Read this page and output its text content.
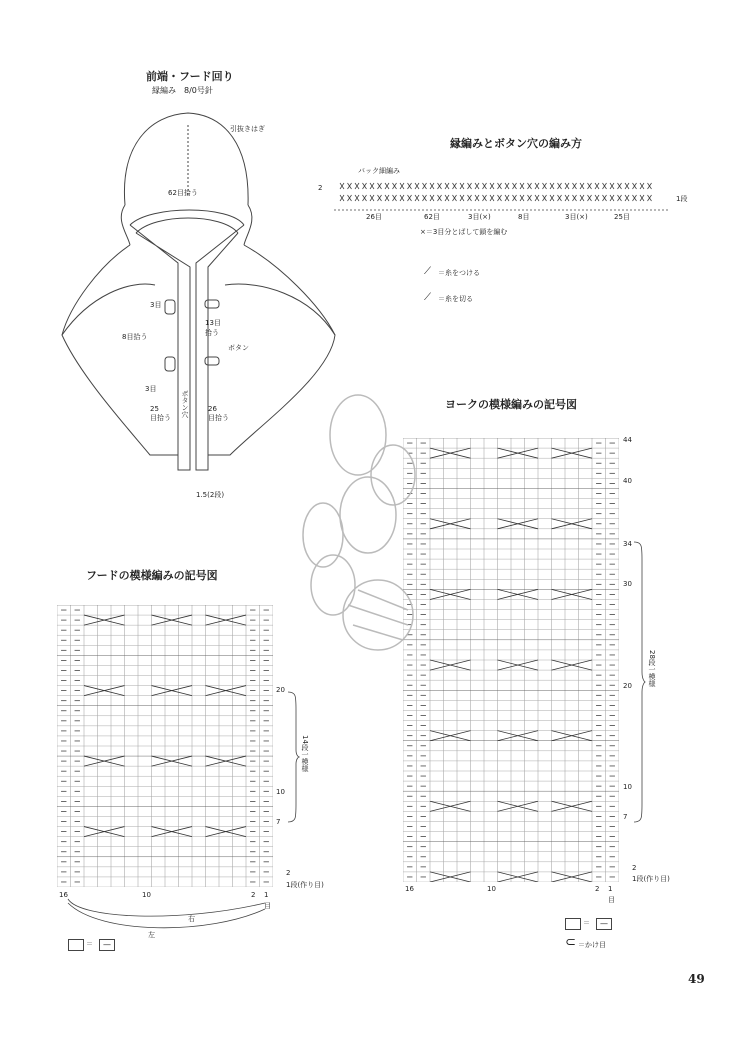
前端・フード回り
縁編み　8/0号針
引抜きはぎ
62目拾う
3目
8目拾う
13目
拾う
ボタン
3目
ボタン穴
25
目拾う
26
目拾う
1.5(2段)
縁編みとボタン穴の編み方
バック細編み
2
1段
26目	62目	3目(×)	8目	3目(×)	25目
×＝3目分とばして鎖を編む
⟋ ＝糸をつける
⟋ ＝糸を切る
ヨークの模様編みの記号図
44
40
34
30
20
10
7
2
1段(作り目)
28段一模様
16	10	2 1
目
＝	—
⊂ ＝かけ目
フードの模様編みの記号図
20
10
7
2
1段(作り目)
14段一模様
16	10	2 1
目
右
左
＝	—
49
